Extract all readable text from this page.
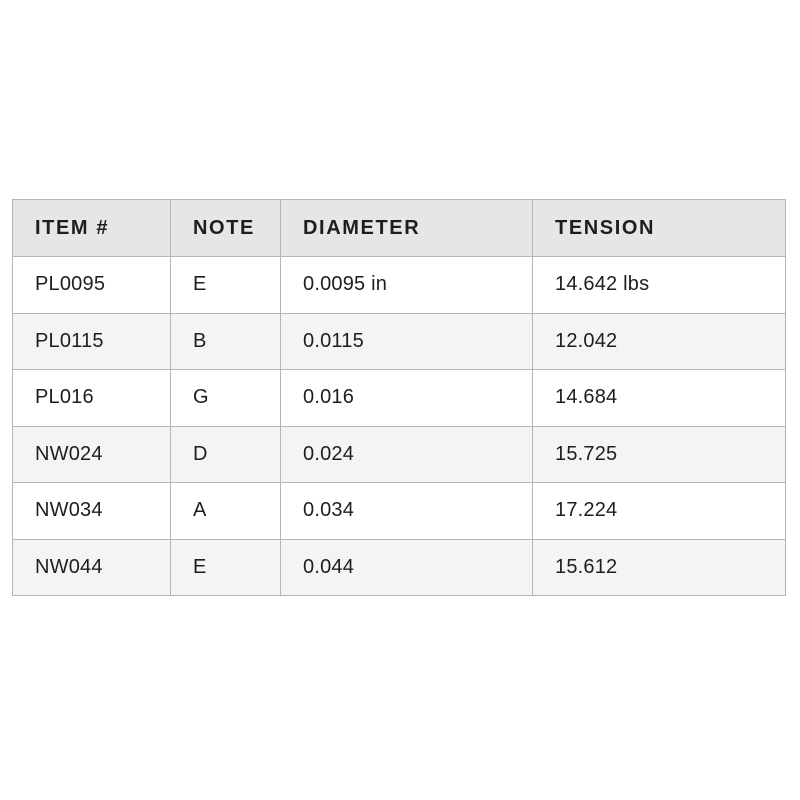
ITEM #	NOTE	DIAMETER	TENSION
PL0095	E	0.0095 in	14.642 lbs
PL0115	B	0.0115	12.042
PL016	G	0.016	14.684
NW024	D	0.024	15.725
NW034	A	0.034	17.224
NW044	E	0.044	15.612
